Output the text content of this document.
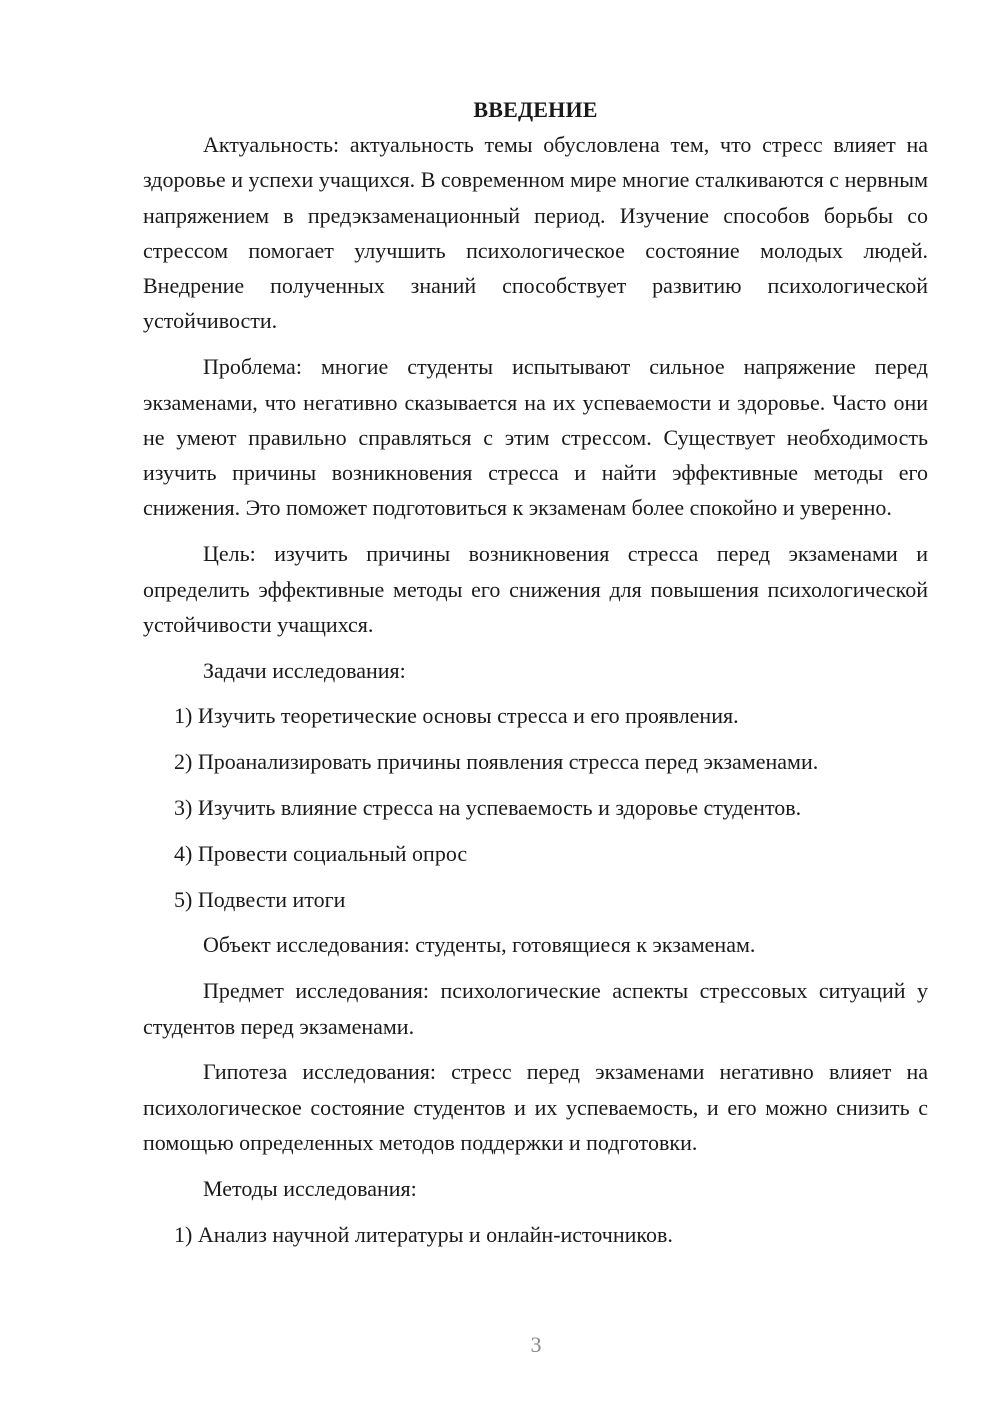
ВВЕДЕНИЕ

Актуальность: актуальность темы обусловлена тем, что стресс влияет на здоровье и успехи учащихся. В современном мире многие сталкиваются с нервным напряжением в предэкзаменационный период. Изучение способов борьбы со стрессом помогает улучшить психологическое состояние молодых людей. Внедрение полученных знаний способствует развитию психологической устойчивости.

Проблема: многие студенты испытывают сильное напряжение перед экзаменами, что негативно сказывается на их успеваемости и здоровье. Часто они не умеют правильно справляться с этим стрессом. Существует необходимость изучить причины возникновения стресса и найти эффективные методы его снижения. Это поможет подготовиться к экзаменам более спокойно и уверенно.

Цель: изучить причины возникновения стресса перед экзаменами и определить эффективные методы его снижения для повышения психологической устойчивости учащихся.

Задачи исследования:

1) Изучить теоретические основы стресса и его проявления.

2) Проанализировать причины появления стресса перед экзаменами.

3) Изучить влияние стресса на успеваемость и здоровье студентов.

4) Провести социальный опрос

5) Подвести итоги

Объект исследования: студенты, готовящиеся к экзаменам.

Предмет исследования: психологические аспекты стрессовых ситуаций у студентов перед экзаменами.

Гипотеза исследования: стресс перед экзаменами негативно влияет на психологическое состояние студентов и их успеваемость, и его можно снизить с помощью определенных методов поддержки и подготовки.

Методы исследования:

1) Анализ научной литературы и онлайн-источников.

3
